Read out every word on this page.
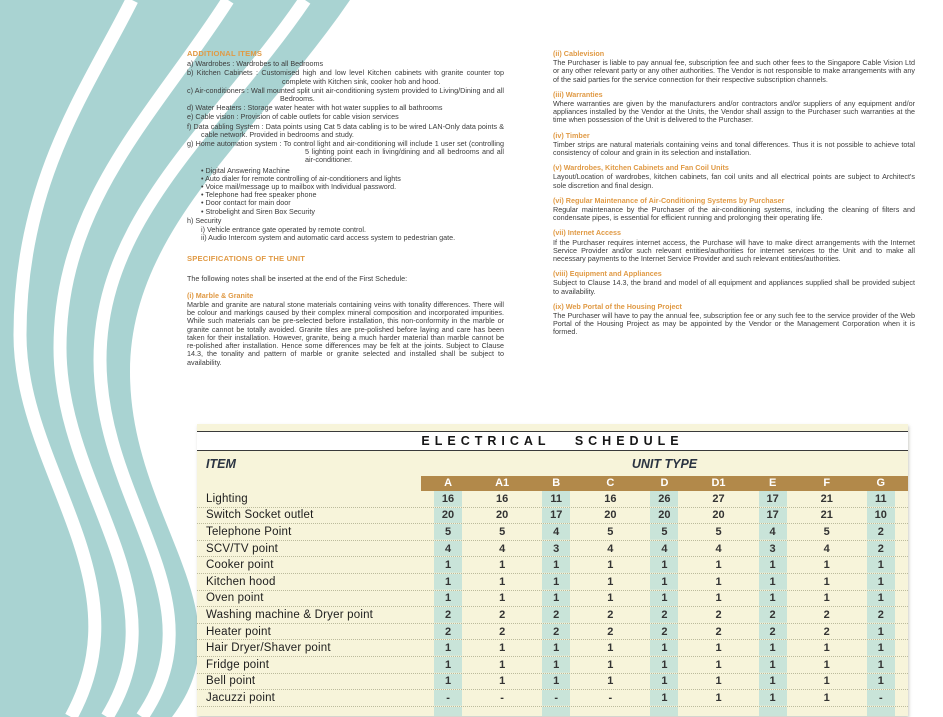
ADDITIONAL ITEMS
a) Wardrobes : Wardrobes to all Bedrooms
b) Kitchen Cabinets : Customised high and low level Kitchen cabinets with granite counter top complete with Kitchen sink, cooker hob and hood.
c) Air-conditioners : Wall mounted split unit air-conditioning system provided to Living/Dining and all Bedrooms.
d) Water Heaters : Storage water heater with hot water supplies to all bathrooms
e) Cable vision : Provision of cable outlets for cable vision services
f) Data cabling System : Data points using Cat 5 data cabling is to be wired LAN-Only data points & cable network. Provided in bedrooms and study.
g) Home automation system : To control light and air-conditioning will include 1 user set (controlling 5 lighting point each in living/dining and all bedrooms and all air-conditioner.
• Digital Answering Machine
• Auto dialer for remote controlling of air-conditioners and lights
• Voice mail/message up to mailbox with Individual password.
• Telephone had free speaker phone
• Door contact for main door
• Strobelight and Siren Box Security
h) Security
i) Vehicle entrance gate operated by remote control.
ii) Audio Intercom system and automatic card access system to pedestrian gate.
SPECIFICATIONS OF THE UNIT
The following notes shall be inserted at the end of the First Schedule:
(i) Marble & Granite
Marble and granite are natural stone materials containing veins with tonality differences. There will be colour and markings caused by their complex mineral composition and incorporated impurities. While such materials can be pre-selected before installation, this non-conformity in the marble or granite cannot be totally avoided. Granite tiles are pre-polished before laying and care has been taken for their installation. However, granite, being a much harder material than marble cannot be re-polished after installation. Hence some differences may be felt at the joints. Subject to Clause 14.3, the tonality and pattern of marble or granite selected and installed shall be subject to availability.
(ii) Cablevision
The Purchaser is liable to pay annual fee, subscription fee and such other fees to the Singapore Cable Vision Ltd or any other relevant party or any other authorities. The Vendor is not responsible to make arrangements with any of the said parties for the service connection for their respective subscription channels.
(iii) Warranties
Where warranties are given by the manufacturers and/or contractors and/or suppliers of any equipment and/or appliances installed by the Vendor at the Units, the Vendor shall assign to the Purchaser such warranties at the time when possession of the Unit is delivered to the Purchaser.
(iv) Timber
Timber strips are natural materials containing veins and tonal differences. Thus it is not possible to achieve total consistency of colour and grain in its selection and installation.
(v) Wardrobes, Kitchen Cabinets and Fan Coil Units
Layout/Location of wardrobes, kitchen cabinets, fan coil units and all electrical points are subject to Architect's sole discretion and final design.
(vi) Regular Maintenance of Air-Conditioning Systems by Purchaser
Regular maintenance by the Purchaser of the air-conditioning systems, including the cleaning of filters and condensate pipes, is essential for efficient running and prolonging their operating life.
(vii) Internet Access
If the Purchaser requires internet access, the Purchase will have to make direct arrangements with the Internet Service Provider and/or such relevant entities/authorities for internet services to the Unit and to make all necessary payments to the Internet Service Provider and such relevant entities/authorities.
(viii) Equipment and Appliances
Subject to Clause 14.3, the brand and model of all equipment and appliances supplied shall be provided subject to availability.
(ix) Web Portal of the Housing Project
The Purchaser will have to pay the annual fee, subscription fee or any such fee to the service provider of the Web Portal of the Housing Project as may be appointed by the Vendor or the Management Corporation when it is formed.
ELECTRICAL SCHEDULE
ITEM	UNIT TYPE
A	A1	B	C	D	D1	E	F	G
Lighting	16	16	11	16	26	27	17	21	11
Switch Socket outlet	20	20	17	20	20	20	17	21	10
Telephone Point	5	5	4	5	5	5	4	5	2
SCV/TV point	4	4	3	4	4	4	3	4	2
Cooker point	1	1	1	1	1	1	1	1	1
Kitchen hood	1	1	1	1	1	1	1	1	1
Oven point	1	1	1	1	1	1	1	1	1
Washing machine & Dryer point	2	2	2	2	2	2	2	2	2
Heater point	2	2	2	2	2	2	2	2	1
Hair Dryer/Shaver point	1	1	1	1	1	1	1	1	1
Fridge point	1	1	1	1	1	1	1	1	1
Bell point	1	1	1	1	1	1	1	1	1
Jacuzzi point	-	-	-	-	1	1	1	1	-
